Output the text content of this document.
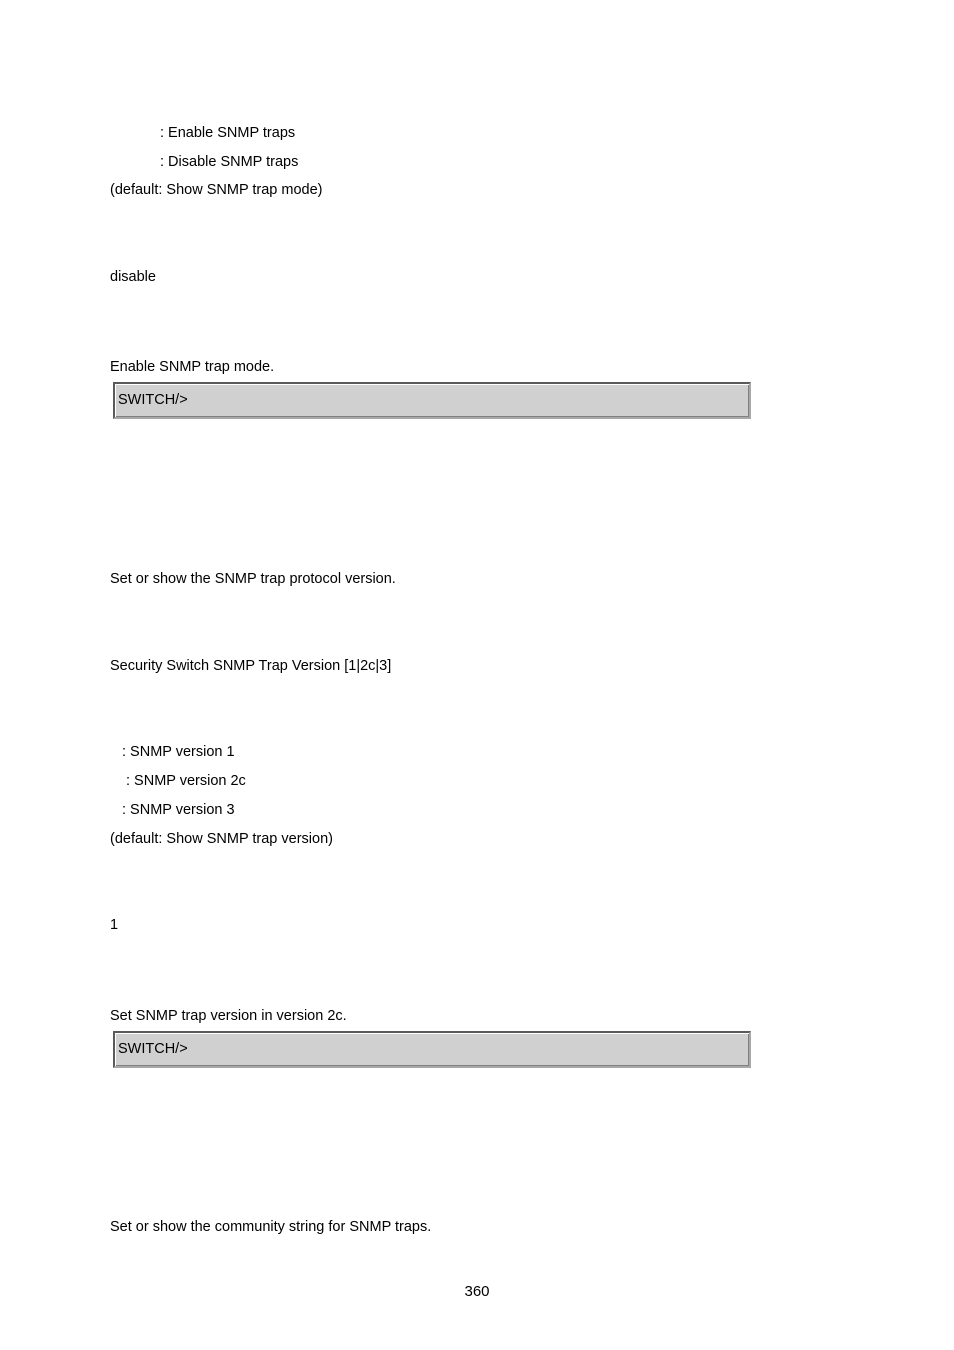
: Enable SNMP traps
: Disable SNMP traps
(default: Show SNMP trap mode)
disable
Enable SNMP trap mode.
SWITCH/>
Set or show the SNMP trap protocol version.
Security Switch SNMP Trap Version [1|2c|3]
: SNMP version 1
: SNMP version 2c
: SNMP version 3
(default: Show SNMP trap version)
1
Set SNMP trap version in version 2c.
SWITCH/>
Set or show the community string for SNMP traps.
360
